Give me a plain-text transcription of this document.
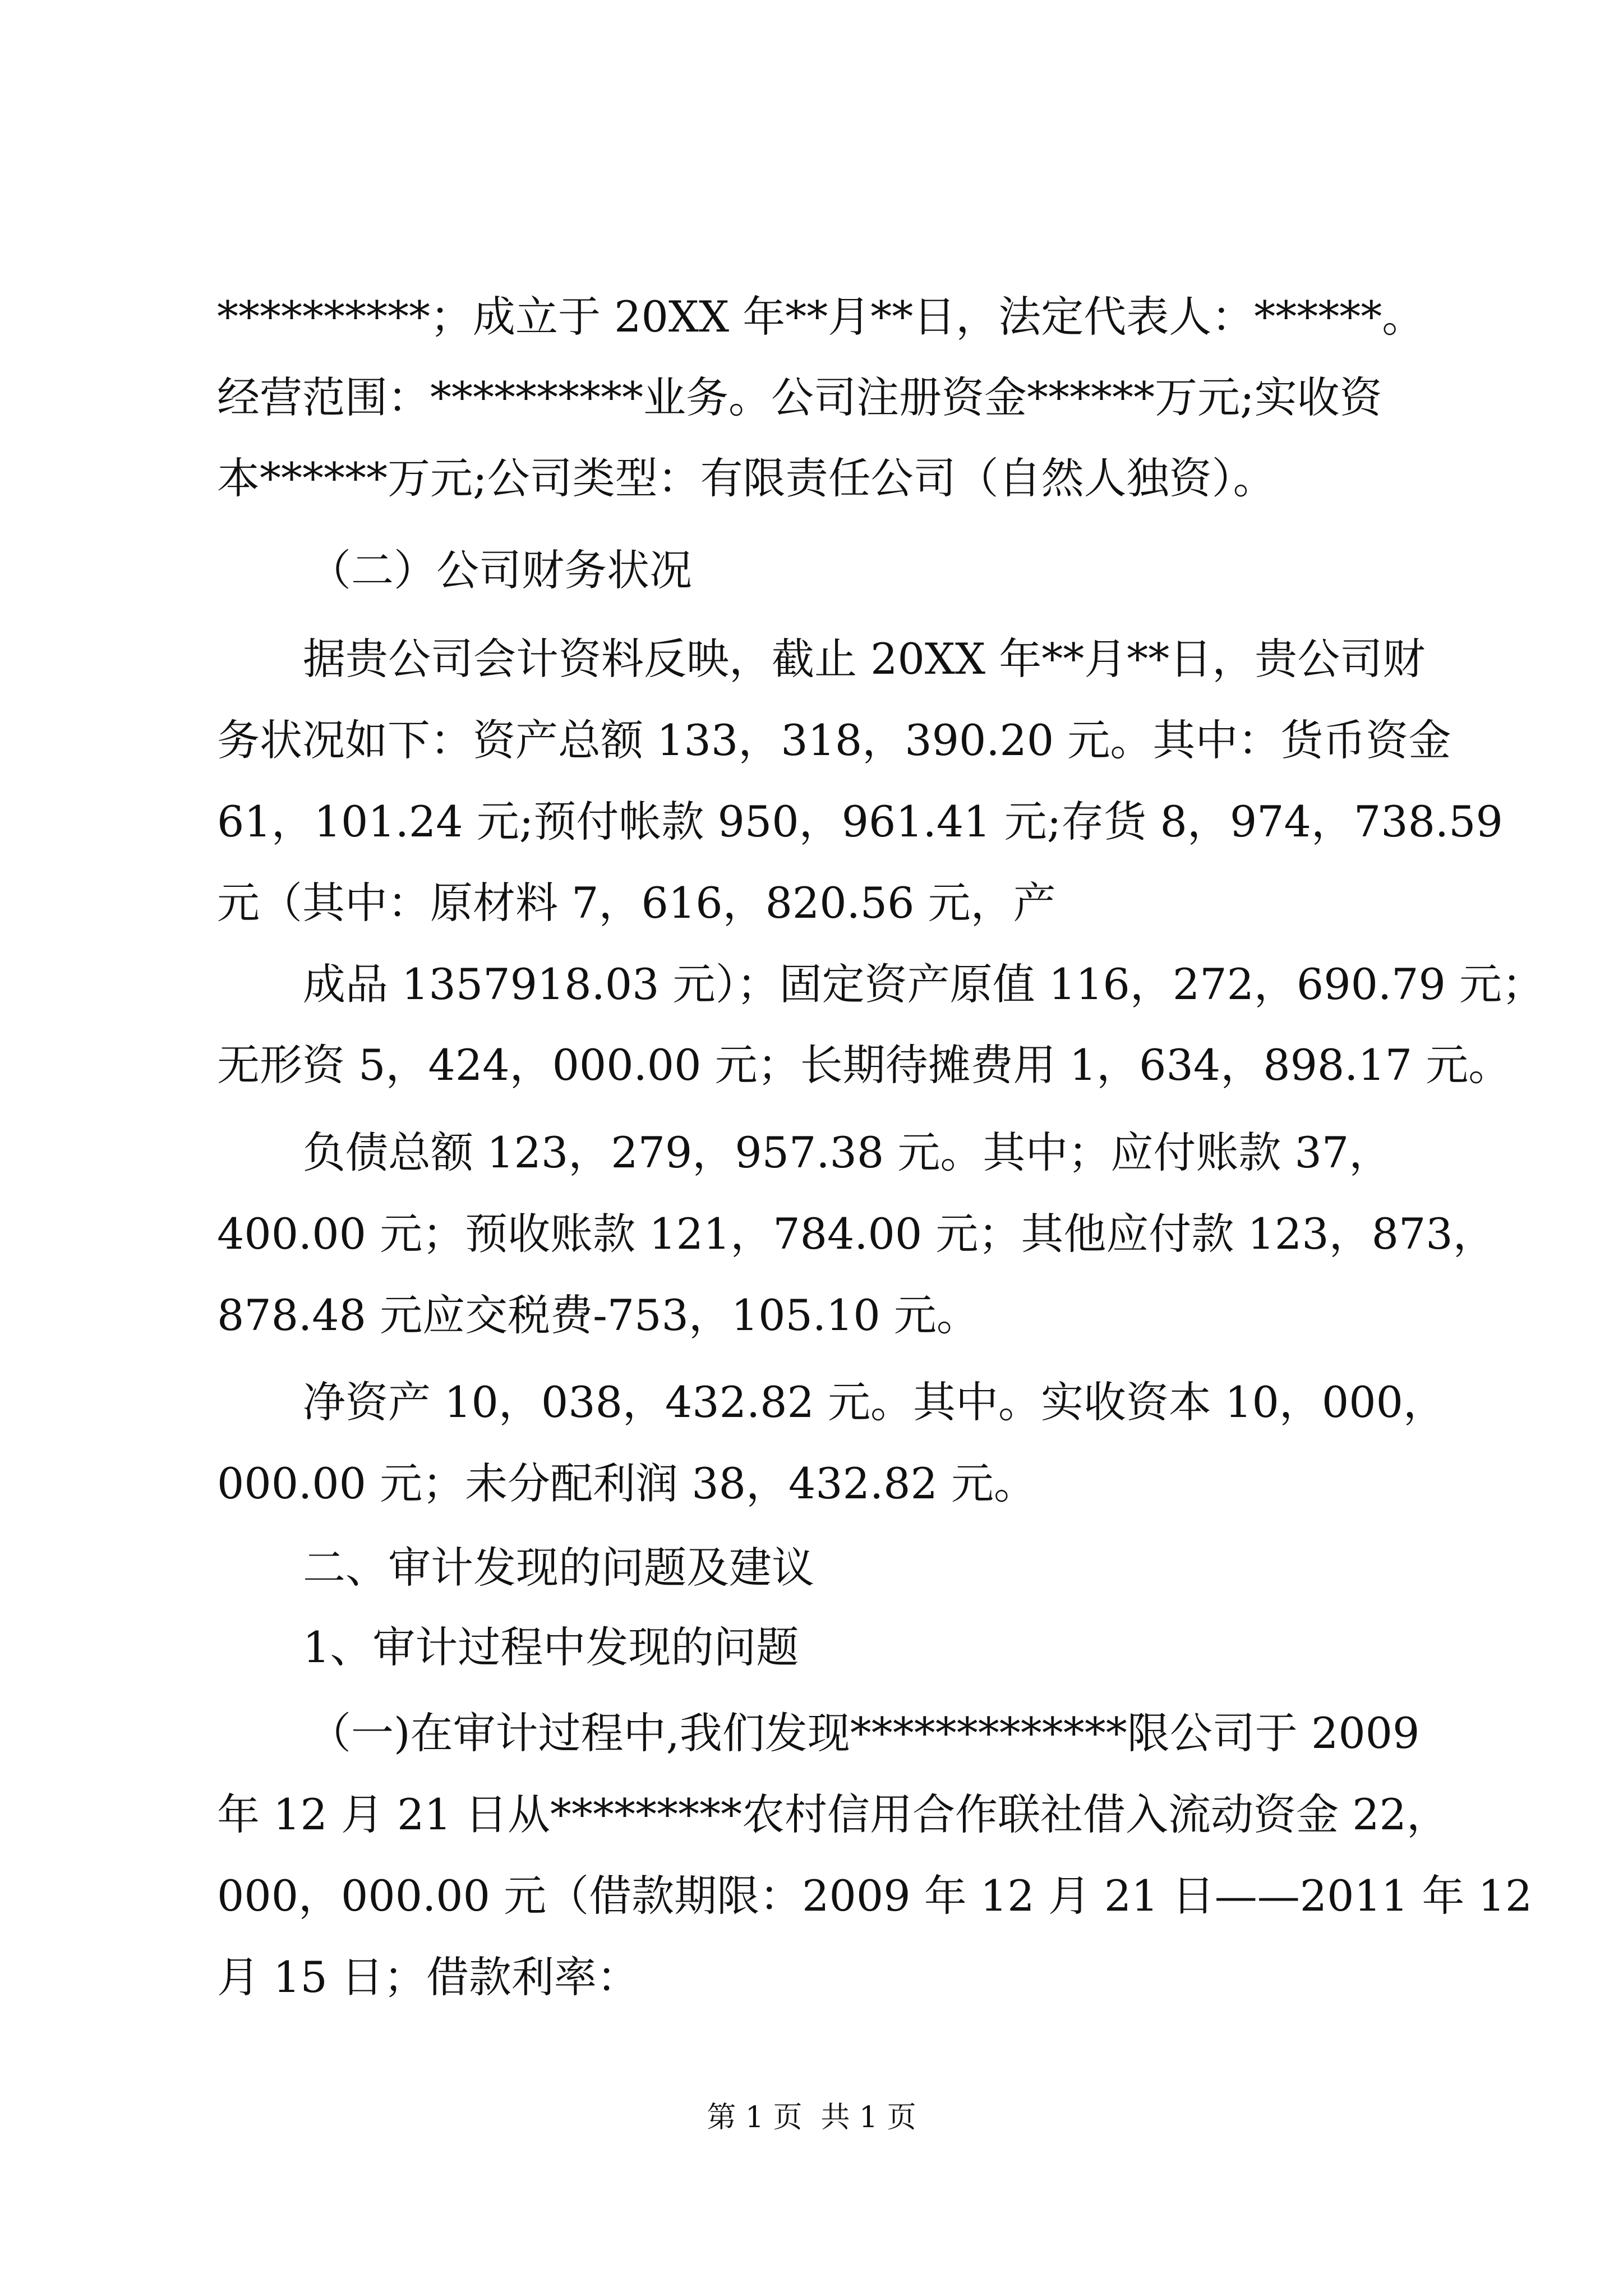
**********；成立于 20XX 年**月**日，法定代表人：******。
经营范围：**********业务。公司注册资金******万元;实收资
本******万元;公司类型：有限责任公司（自然人独资）。
（二）公司财务状况
据贵公司会计资料反映，截止 20XX 年**月**日，贵公司财
务状况如下：资产总额 133，318，390.20 元。其中：货币资金
61，101.24 元;预付帐款 950，961.41 元;存货 8，974，738.59
元（其中：原材料 7，616，820.56 元，产
成品 1357918.03 元）；固定资产原值 116，272，690.79 元；
无形资 5，424，000.00 元；长期待摊费用 1，634，898.17 元。
负债总额 123，279，957.38 元。其中；应付账款 37，
400.00 元；预收账款 121，784.00 元；其他应付款 123，873，
878.48 元应交税费-753，105.10 元。
净资产 10，038，432.82 元。其中。实收资本 10，000，
000.00 元；未分配利润 38，432.82 元。
二、审计发现的问题及建议
1、审计过程中发现的问题
（一)在审计过程中,我们发现*************限公司于 2009
年 12 月 21 日从*********农村信用合作联社借入流动资金 22，
000，000.00 元（借款期限：2009 年 12 月 21 日——2011 年 12
月 15 日；借款利率：
第 1 页  共 1 页
